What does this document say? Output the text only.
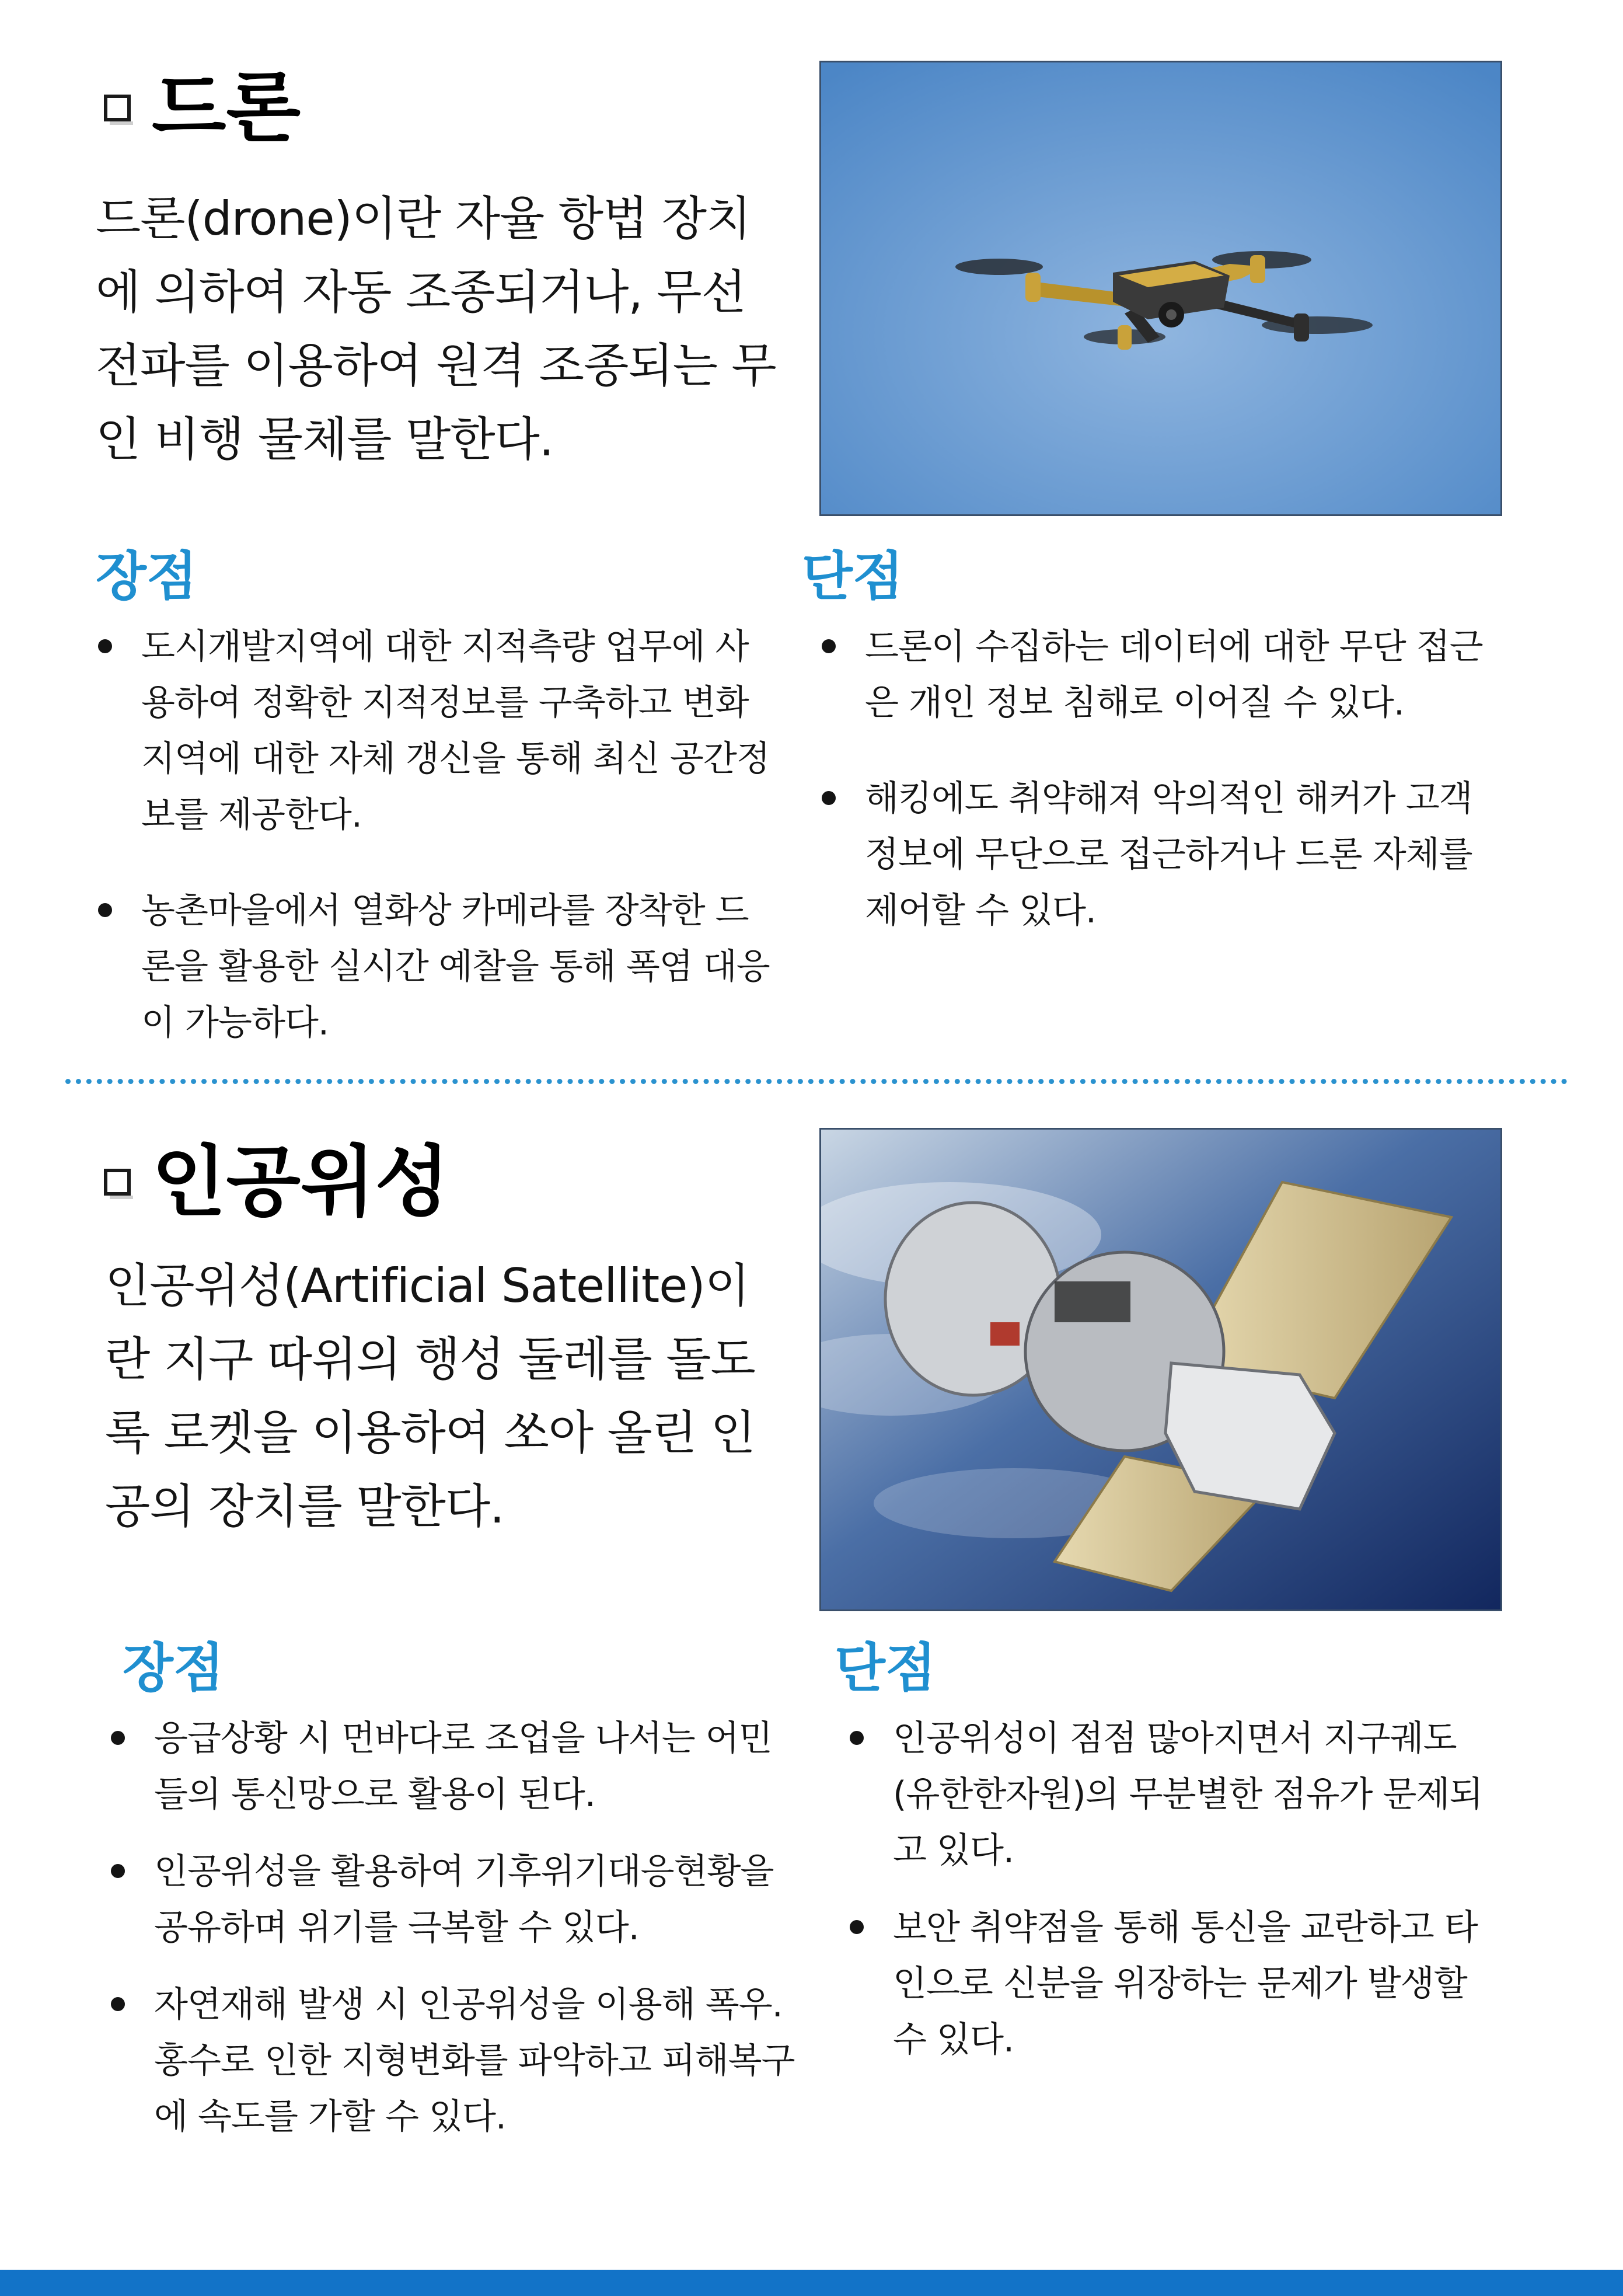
드론
드론(drone)이란 자율 항법 장치에 의하여 자동 조종되거나, 무선 전파를 이용하여 원격 조종되는 무인 비행 물체를 말한다.
장점
도시개발지역에 대한 지적측량 업무에 사용하여 정확한 지적정보를 구축하고 변화지역에 대한 자체 갱신을 통해 최신 공간정보를 제공한다.
농촌마을에서 열화상 카메라를 장착한 드론을 활용한 실시간 예찰을 통해 폭염 대응이 가능하다.
단점
드론이 수집하는 데이터에 대한 무단 접근은 개인 정보 침해로 이어질 수 있다.
해킹에도 취약해져 악의적인 해커가 고객 정보에 무단으로 접근하거나 드론 자체를 제어할 수 있다.
인공위성
인공위성(Artificial Satellite)이란 지구 따위의 행성 둘레를 돌도록 로켓을 이용하여 쏘아 올린 인공의 장치를 말한다.
장점
응급상황 시 먼바다로 조업을 나서는 어민들의 통신망으로 활용이 된다.
인공위성을 활용하여 기후위기대응현황을 공유하며 위기를 극복할 수 있다.
자연재해 발생 시 인공위성을 이용해 폭우. 홍수로 인한 지형변화를 파악하고 피해복구에 속도를 가할 수 있다.
단점
인공위성이 점점 많아지면서 지구궤도(유한한자원)의 무분별한 점유가 문제되고 있다.
보안 취약점을 통해 통신을 교란하고 타인으로 신분을 위장하는 문제가 발생할 수 있다.
